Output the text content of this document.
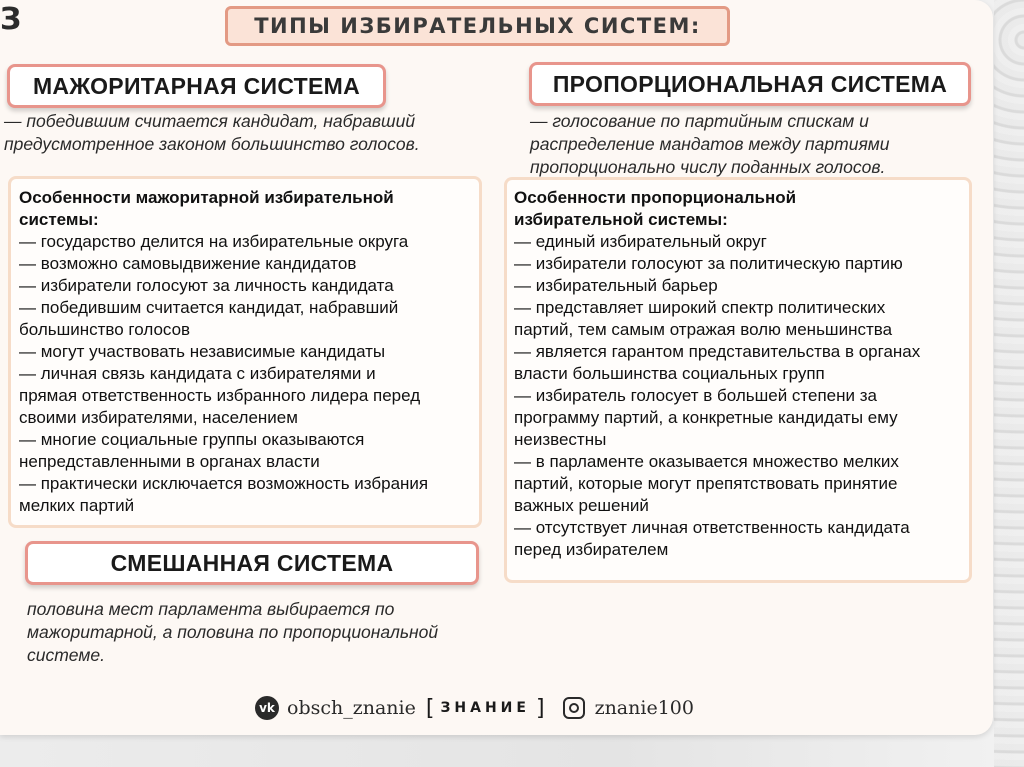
З	ТИПЫ ИЗБИРАТЕЛЬНЫХ СИСТЕМ:
МАЖОРИТАРНАЯ СИСТЕМА
— победившим считается кандидат, набравший
предусмотренное законом большинство голосов.

Особенности мажоритарной избирательной

системы:

— государство делится на избирательные округа

— возможно самовыдвижение кандидатов

— избиратели голосуют за личность кандидата

— победившим считается кандидат, набравший

большинство голосов

— могут участвовать независимые кандидаты

— личная связь кандидата с избирателями и

прямая ответственность избранного лидера перед

своими избирателями, населением

— многие социальные группы оказываются

непредставленными в органах власти

— практически исключается возможность избрания

мелких партий

ПРОПОРЦИОНАЛЬНАЯ СИСТЕМА
— голосование по партийным спискам и
распределение мандатов между партиями
пропорционально числу поданных голосов.

Особенности пропорциональной

избирательной системы:

— единый избирательный округ

— избиратели голосуют за политическую партию

— избирательный барьер

— представляет широкий спектр политических

партий, тем самым отражая волю меньшинства

— является гарантом представительства в органах

власти большинства социальных групп

— избиратель голосует в большей степени за

программу партий, а конкретные кандидаты ему

неизвестны

— в парламенте оказывается множество мелких

партий, которые могут препятствовать принятие

важных решений

— отсутствует личная ответственность кандидата

перед избирателем

СМЕШАННАЯ СИСТЕМА
половина мест парламента выбирается по
мажоритарной, а половина по пропорциональной
системе.
vk obsch_znanie [ ЗНАНИЕ ]	znanie100
